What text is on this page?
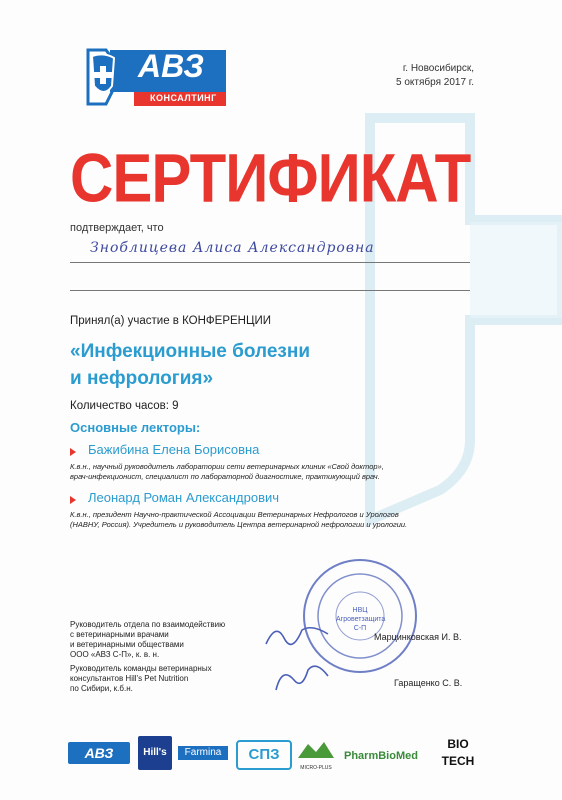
АВЗ
КОНСАЛТИНГ
г. Новосибирск,
5 октября 2017 г.
СЕРТИФИКАТ
подтверждает, что
Зноблицева Алиса Александровна
Принял(а) участие в КОНФЕРЕНЦИИ
«Инфекционные болезни
и нефрология»
Количество часов: 9
Основные лекторы:
Бажибина Елена Борисовна
К.в.н., научный руководитель лаборатории сети ветеринарных клиник «Свой доктор»,
врач-инфекционист, специалист по лабораторной диагностике, практикующий врач.
Леонард Роман Александрович
К.в.н., президент Научно-практической Ассоциации Ветеринарных Нефрологов и Урологов
(НАВНУ, Россия). Учредитель и руководитель Центра ветеринарной нефрологии и урологии.
НВЦ Агроветзащита С-П
Руководитель отдела по взаимодействию
с ветеринарными врачами
и ветеринарными обществами
ООО «АВЗ С-П», к. в. н.
Марцинковская И. В.
Руководитель команды ветеринарных
консультантов Hill's Pet Nutrition
по Сибири, к.б.н.
Гаращенко С. В.
АВЗ	Hill's	Farmina	СПЗ
MICRO-PLUS
PharmBioMed
BIO TECH
